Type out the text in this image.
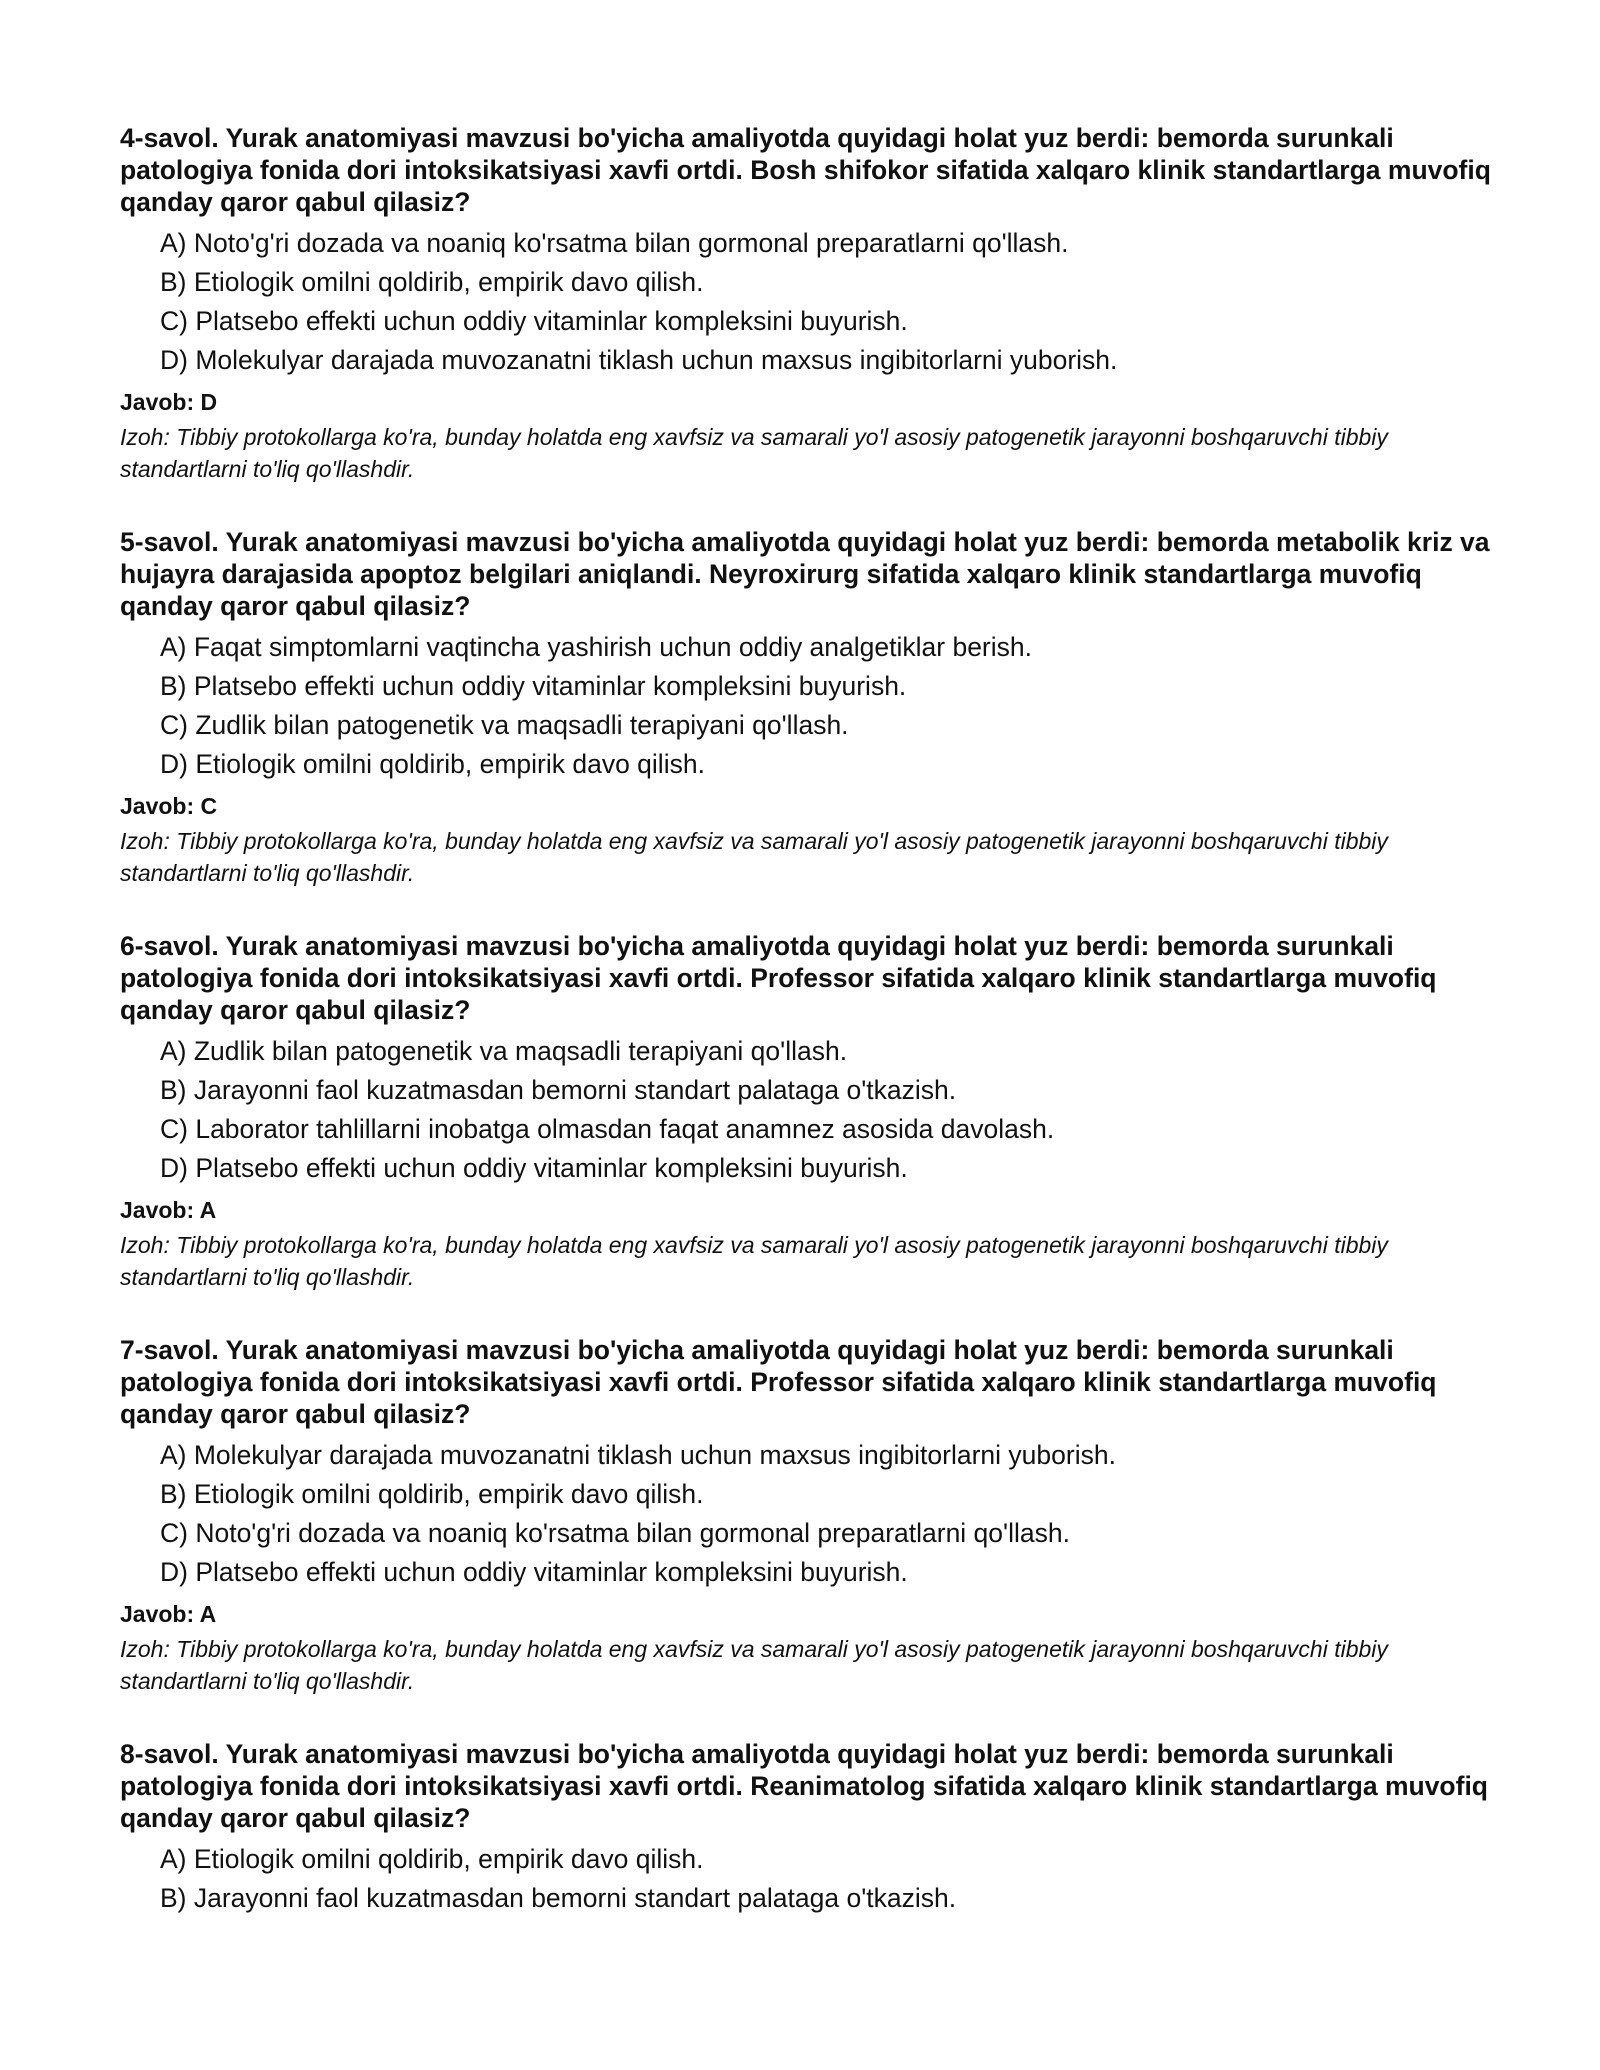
4-savol. Yurak anatomiyasi mavzusi bo'yicha amaliyotda quyidagi holat yuz berdi: bemorda surunkali patologiya fonida dori intoksikatsiyasi xavfi ortdi. Bosh shifokor sifatida xalqaro klinik standartlarga muvofiq qanday qaror qabul qilasiz?

A) Noto'g'ri dozada va noaniq ko'rsatma bilan gormonal preparatlarni qo'llash.
B) Etiologik omilni qoldirib, empirik davo qilish.
C) Platsebo effekti uchun oddiy vitaminlar kompleksini buyurish.
D) Molekulyar darajada muvozanatni tiklash uchun maxsus ingibitorlarni yuborish.

Javob: D

Izoh: Tibbiy protokollarga ko'ra, bunday holatda eng xavfsiz va samarali yo'l asosiy patogenetik jarayonni boshqaruvchi tibbiy standartlarni to'liq qo'llashdir.

5-savol. Yurak anatomiyasi mavzusi bo'yicha amaliyotda quyidagi holat yuz berdi: bemorda metabolik kriz va hujayra darajasida apoptoz belgilari aniqlandi. Neyroxirurg sifatida xalqaro klinik standartlarga muvofiq qanday qaror qabul qilasiz?

A) Faqat simptomlarni vaqtincha yashirish uchun oddiy analgetiklar berish.
B) Platsebo effekti uchun oddiy vitaminlar kompleksini buyurish.
C) Zudlik bilan patogenetik va maqsadli terapiyani qo'llash.
D) Etiologik omilni qoldirib, empirik davo qilish.

Javob: C

Izoh: Tibbiy protokollarga ko'ra, bunday holatda eng xavfsiz va samarali yo'l asosiy patogenetik jarayonni boshqaruvchi tibbiy standartlarni to'liq qo'llashdir.

6-savol. Yurak anatomiyasi mavzusi bo'yicha amaliyotda quyidagi holat yuz berdi: bemorda surunkali patologiya fonida dori intoksikatsiyasi xavfi ortdi. Professor sifatida xalqaro klinik standartlarga muvofiq qanday qaror qabul qilasiz?

A) Zudlik bilan patogenetik va maqsadli terapiyani qo'llash.
B) Jarayonni faol kuzatmasdan bemorni standart palataga o'tkazish.
C) Laborator tahlillarni inobatga olmasdan faqat anamnez asosida davolash.
D) Platsebo effekti uchun oddiy vitaminlar kompleksini buyurish.

Javob: A

Izoh: Tibbiy protokollarga ko'ra, bunday holatda eng xavfsiz va samarali yo'l asosiy patogenetik jarayonni boshqaruvchi tibbiy standartlarni to'liq qo'llashdir.

7-savol. Yurak anatomiyasi mavzusi bo'yicha amaliyotda quyidagi holat yuz berdi: bemorda surunkali patologiya fonida dori intoksikatsiyasi xavfi ortdi. Professor sifatida xalqaro klinik standartlarga muvofiq qanday qaror qabul qilasiz?

A) Molekulyar darajada muvozanatni tiklash uchun maxsus ingibitorlarni yuborish.
B) Etiologik omilni qoldirib, empirik davo qilish.
C) Noto'g'ri dozada va noaniq ko'rsatma bilan gormonal preparatlarni qo'llash.
D) Platsebo effekti uchun oddiy vitaminlar kompleksini buyurish.

Javob: A

Izoh: Tibbiy protokollarga ko'ra, bunday holatda eng xavfsiz va samarali yo'l asosiy patogenetik jarayonni boshqaruvchi tibbiy standartlarni to'liq qo'llashdir.

8-savol. Yurak anatomiyasi mavzusi bo'yicha amaliyotda quyidagi holat yuz berdi: bemorda surunkali patologiya fonida dori intoksikatsiyasi xavfi ortdi. Reanimatolog sifatida xalqaro klinik standartlarga muvofiq qanday qaror qabul qilasiz?

A) Etiologik omilni qoldirib, empirik davo qilish.
B) Jarayonni faol kuzatmasdan bemorni standart palataga o'tkazish.
